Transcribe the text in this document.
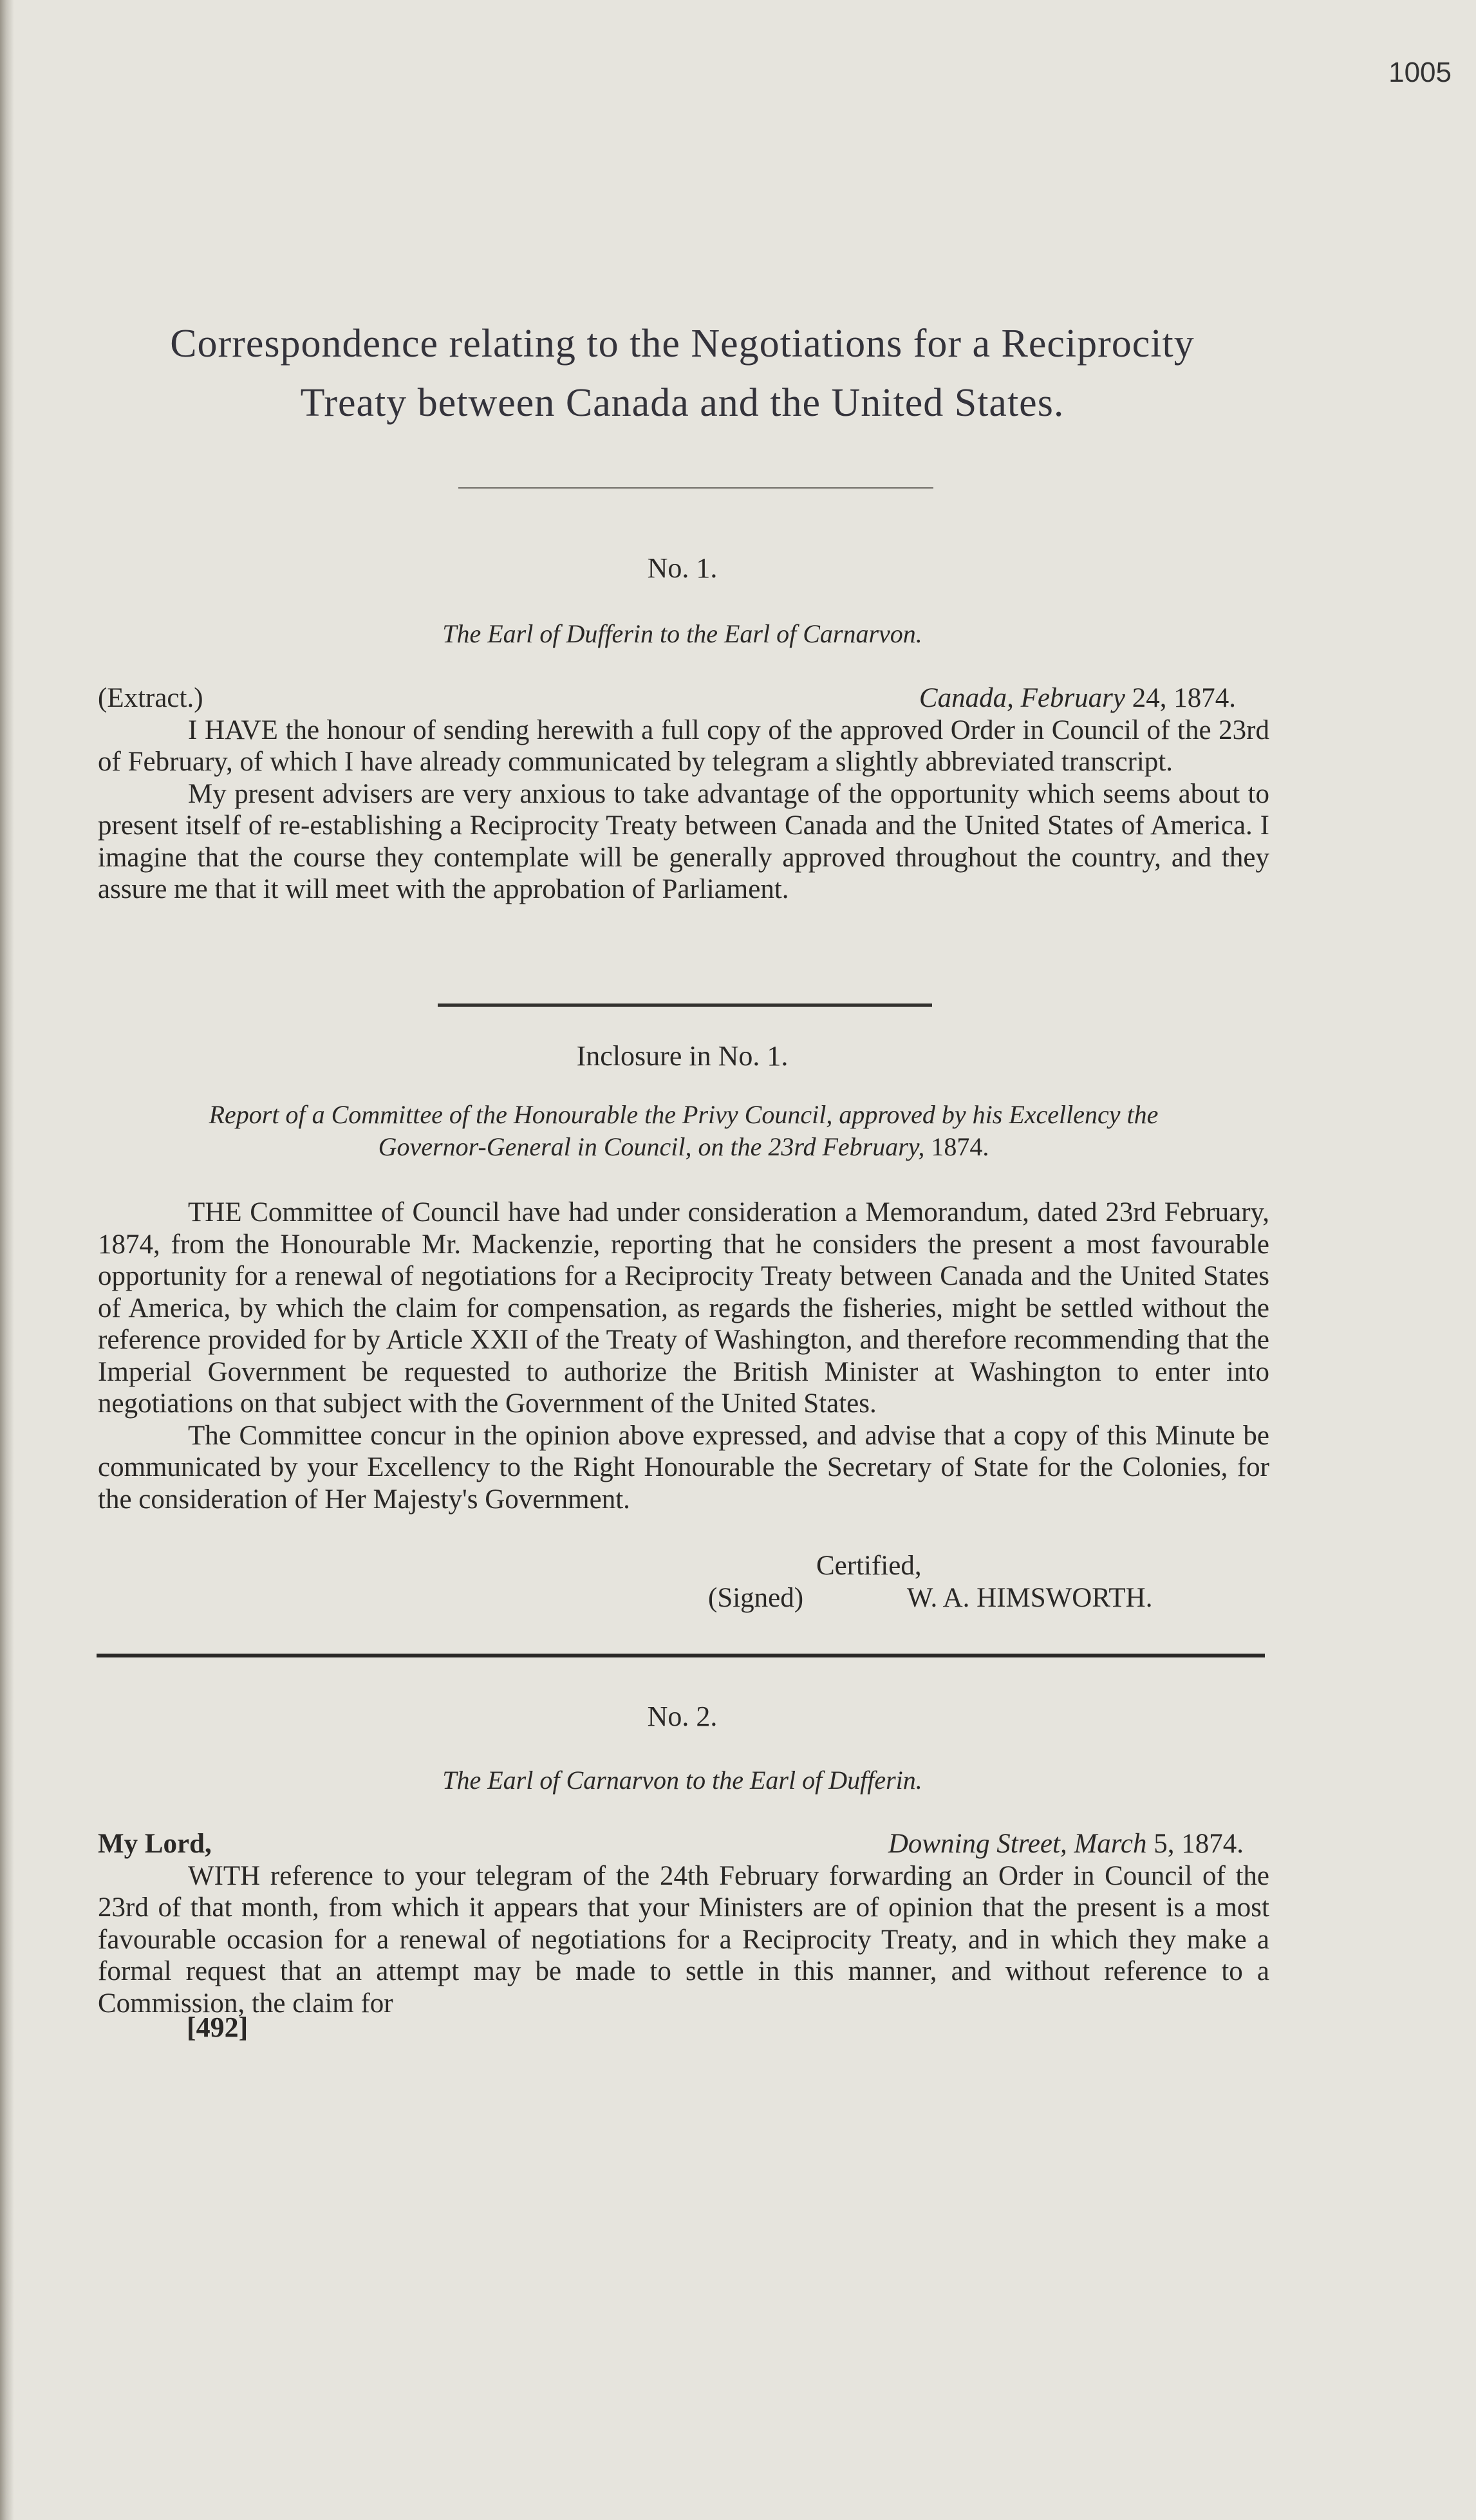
1005
Correspondence relating to the Negotiations for a Reciprocity
Treaty between Canada and the United States.
No. 1.
The Earl of Dufferin to the Earl of Carnarvon.
(Extract.)	Canada, February 24, 1874.

I HAVE the honour of sending herewith a full copy of the approved Order in Council of the 23rd of February, of which I have already communicated by telegram a slightly abbreviated transcript.

My present advisers are very anxious to take advantage of the opportunity which seems about to present itself of re-establishing a Reciprocity Treaty between Canada and the United States of America. I imagine that the course they contemplate will be generally approved throughout the country, and they assure me that it will meet with the approbation of Parliament.

Inclosure in No. 1.
Report of a Committee of the Honourable the Privy Council, approved by his Excellency the
Governor-General in Council, on the 23rd February, 1874.

THE Committee of Council have had under consideration a Memorandum, dated 23rd February, 1874, from the Honourable Mr. Mackenzie, reporting that he considers the present a most favourable opportunity for a renewal of negotiations for a Reciprocity Treaty between Canada and the United States of America, by which the claim for compensation, as regards the fisheries, might be settled without the reference provided for by Article XXII of the Treaty of Washington, and therefore recommending that the Imperial Government be requested to authorize the British Minister at Washington to enter into negotiations on that subject with the Government of the United States.

The Committee concur in the opinion above expressed, and advise that a copy of this Minute be communicated by your Excellency to the Right Honourable the Secretary of State for the Colonies, for the consideration of Her Majesty's Government.

Certified,
(Signed)	W. A. HIMSWORTH.
No. 2.
The Earl of Carnarvon to the Earl of Dufferin.
My Lord,	Downing Street, March 5, 1874.

WITH reference to your telegram of the 24th February forwarding an Order in Council of the 23rd of that month, from which it appears that your Ministers are of opinion that the present is a most favourable occasion for a renewal of negotiations for a Reciprocity Treaty, and in which they make a formal request that an attempt may be made to settle in this manner, and without reference to a Commission, the claim for

[492]
